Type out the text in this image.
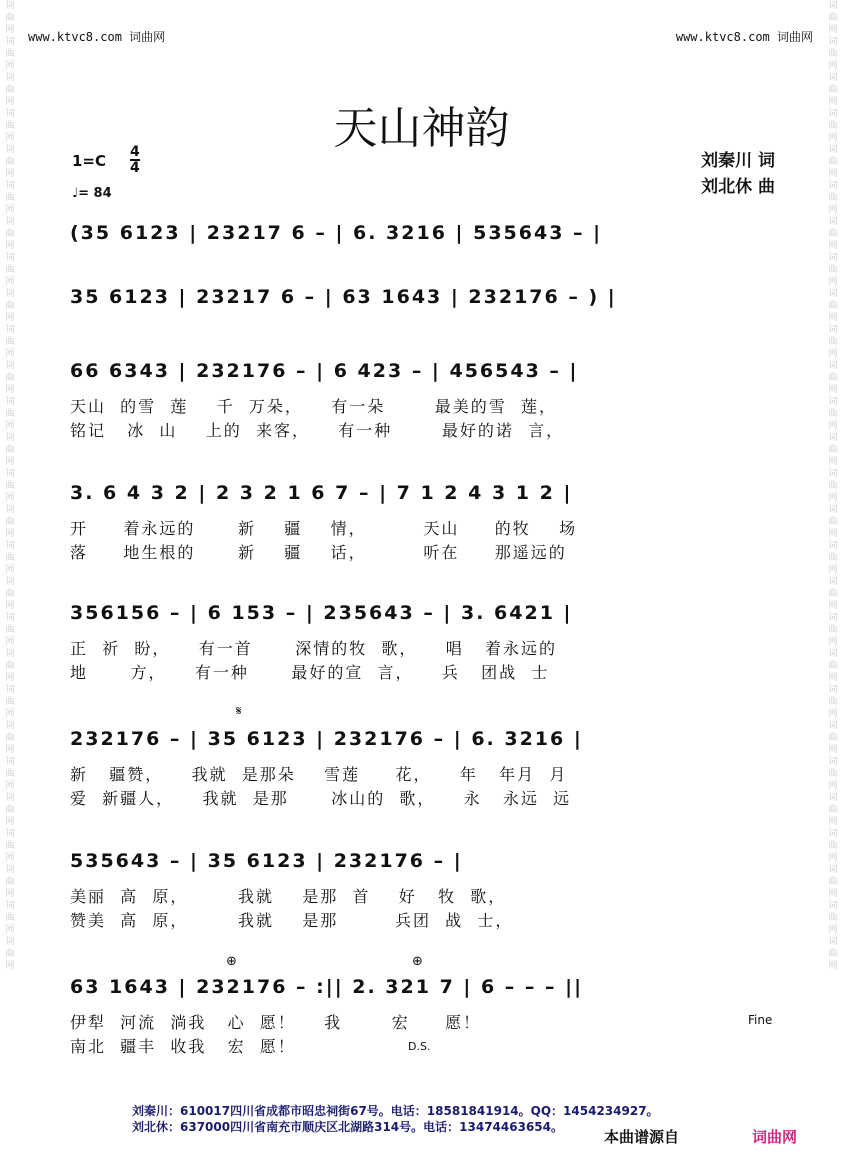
词曲网词曲网词曲网词曲网词曲网词曲网词曲网词曲网词曲网词曲网词曲网词曲网词曲网词曲网词曲网词曲网词曲网词曲网词曲网词曲网词曲网词曲网词曲网词曲网词曲网词曲网词曲网
词曲网词曲网词曲网词曲网词曲网词曲网词曲网词曲网词曲网词曲网词曲网词曲网词曲网词曲网词曲网词曲网词曲网词曲网词曲网词曲网词曲网词曲网词曲网词曲网词曲网词曲网词曲网
www.ktvc8.com 词曲网	www.ktvc8.com 词曲网
天山神韵
1=C 4
4
♩= 84
刘秦川 词
刘北休 曲
(35 6123 | 23217 6 – | 6. 3216 | 535643 – |
35 6123 | 23217 6 – | 63 1643 | 232176 – ) |
66 6343 | 232176 – | 6 423 – | 456543 – |
天山  的雪  莲    千  万朵，    有一朵       最美的雪  莲，
铭记   冰  山    上的  来客，    有一种       最好的诺  言，
3. 6 4 3 2 | 2 3 2 1 6 7 – | 7 1 2 4 3 1 2 |
开     着永远的      新    疆    情，        天山     的牧    场
落     地生根的      新    疆    话，        听在     那遥远的
356156 – | 6 153 – | 235643 – | 3. 6421 |
正  祈  盼，    有一首      深情的牧  歌，    唱   着永远的
地      方，    有一种      最好的宣  言，    兵   团战  士
𝄋
232176 – | 35 6123 | 232176 – | 6. 3216 |
新   疆赞，    我就  是那朵    雪莲     花，    年   年月  月
爱  新疆人，    我就  是那      冰山的  歌，    永   永远  远
535643 – | 35 6123 | 232176 – |
美丽  高  原，       我就    是那  首    好   牧  歌，
赞美  高  原，       我就    是那        兵团  战  士，
⊕	⊕
63 1643 | 232176 – :|| 2. 321 7 | 6 – – – ||
伊犁  河流  淌我   心  愿！    我       宏     愿！
南北  疆丰  收我   宏  愿！
Fine
D.S.
刘秦川：610017四川省成都市昭忠祠街67号。电话：18581841914。QQ：1454234927。
刘北休：637000四川省南充市顺庆区北湖路314号。电话：13474463654。
本曲谱源自	词曲网
